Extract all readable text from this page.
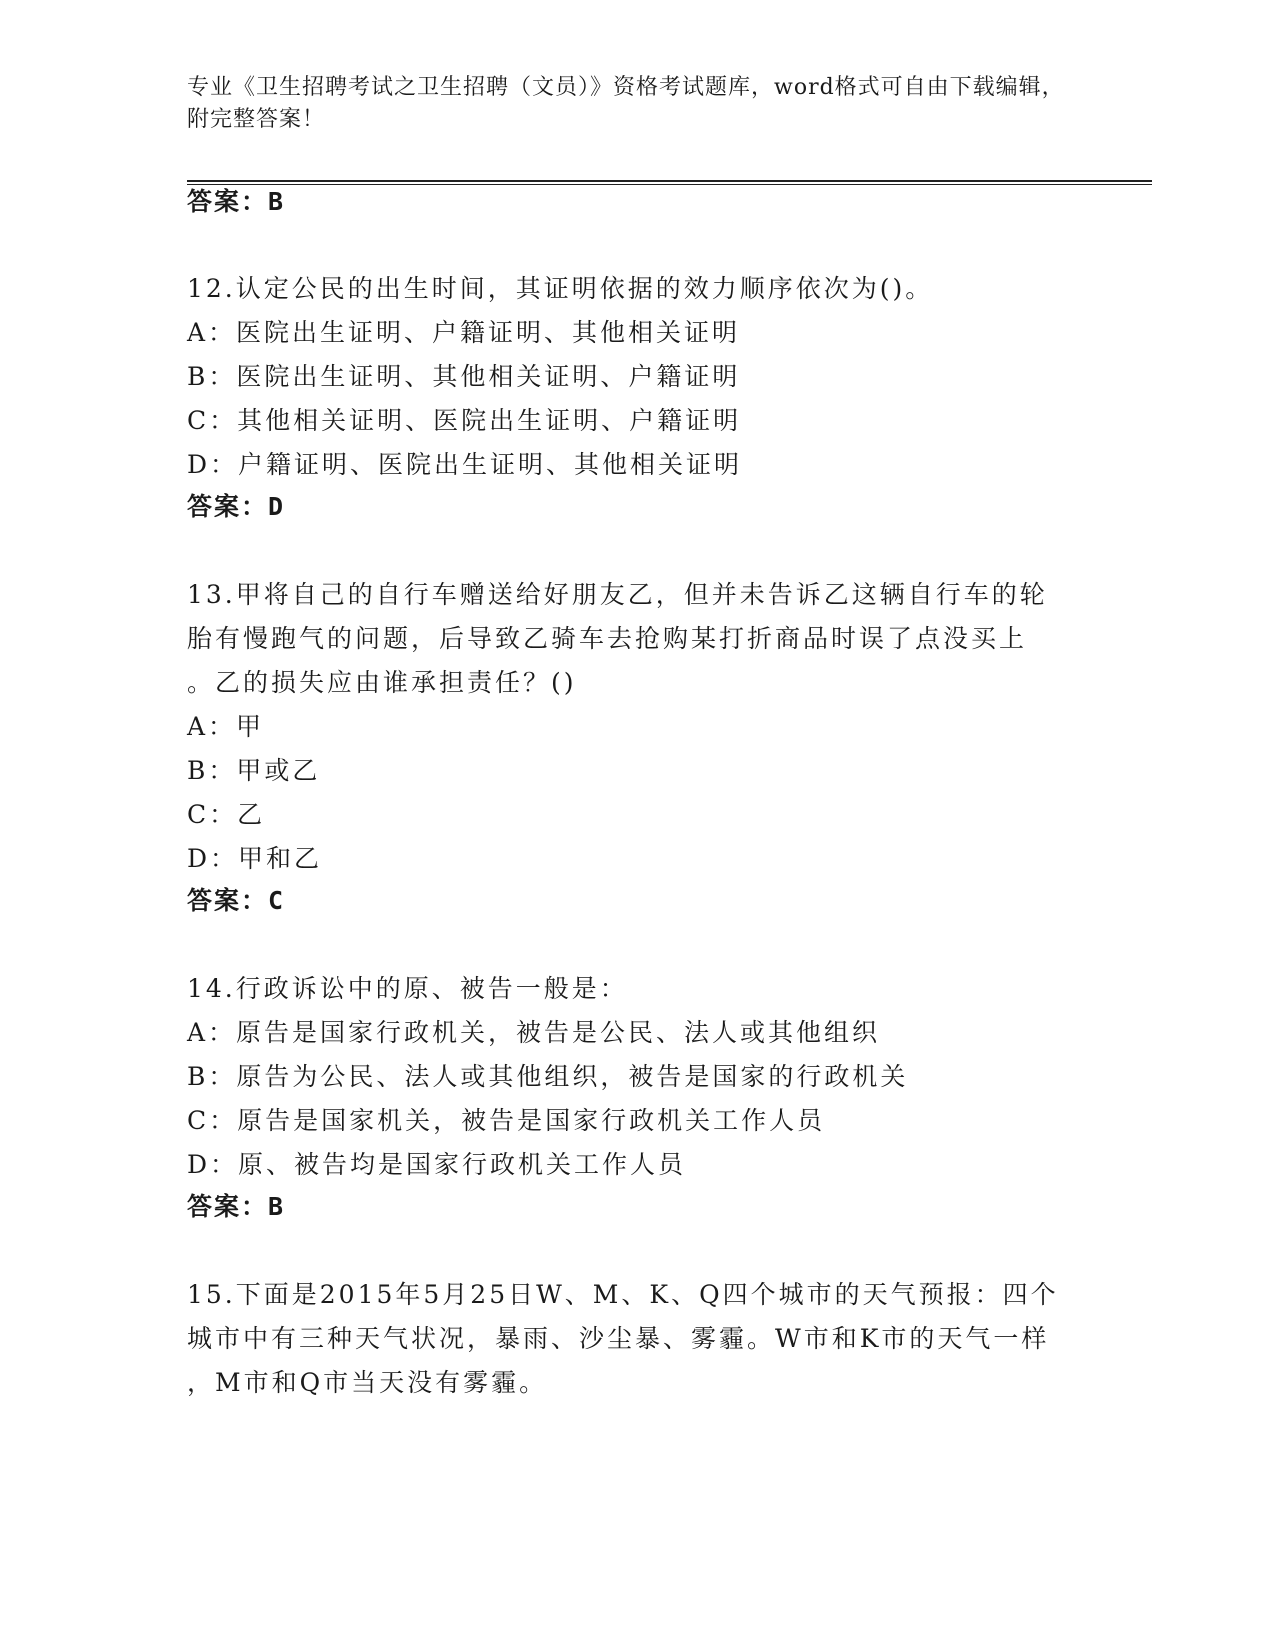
专业《卫生招聘考试之卫生招聘（文员）》资格考试题库，word格式可自由下载编辑，附完整答案！
答案：B
12.认定公民的出生时间，其证明依据的效力顺序依次为()。
A：医院出生证明、户籍证明、其他相关证明
B：医院出生证明、其他相关证明、户籍证明
C：其他相关证明、医院出生证明、户籍证明
D：户籍证明、医院出生证明、其他相关证明
答案：D
13.甲将自己的自行车赠送给好朋友乙，但并未告诉乙这辆自行车的轮
胎有慢跑气的问题，后导致乙骑车去抢购某打折商品时误了点没买上
。乙的损失应由谁承担责任？()
A：甲
B：甲或乙
C：乙
D：甲和乙
答案：C
14.行政诉讼中的原、被告一般是：
A：原告是国家行政机关，被告是公民、法人或其他组织
B：原告为公民、法人或其他组织，被告是国家的行政机关
C：原告是国家机关，被告是国家行政机关工作人员
D：原、被告均是国家行政机关工作人员
答案：B
15.下面是2015年5月25日W、M、K、Q四个城市的天气预报：四个
城市中有三种天气状况，暴雨、沙尘暴、雾霾。W市和K市的天气一样
，M市和Q市当天没有雾霾。
